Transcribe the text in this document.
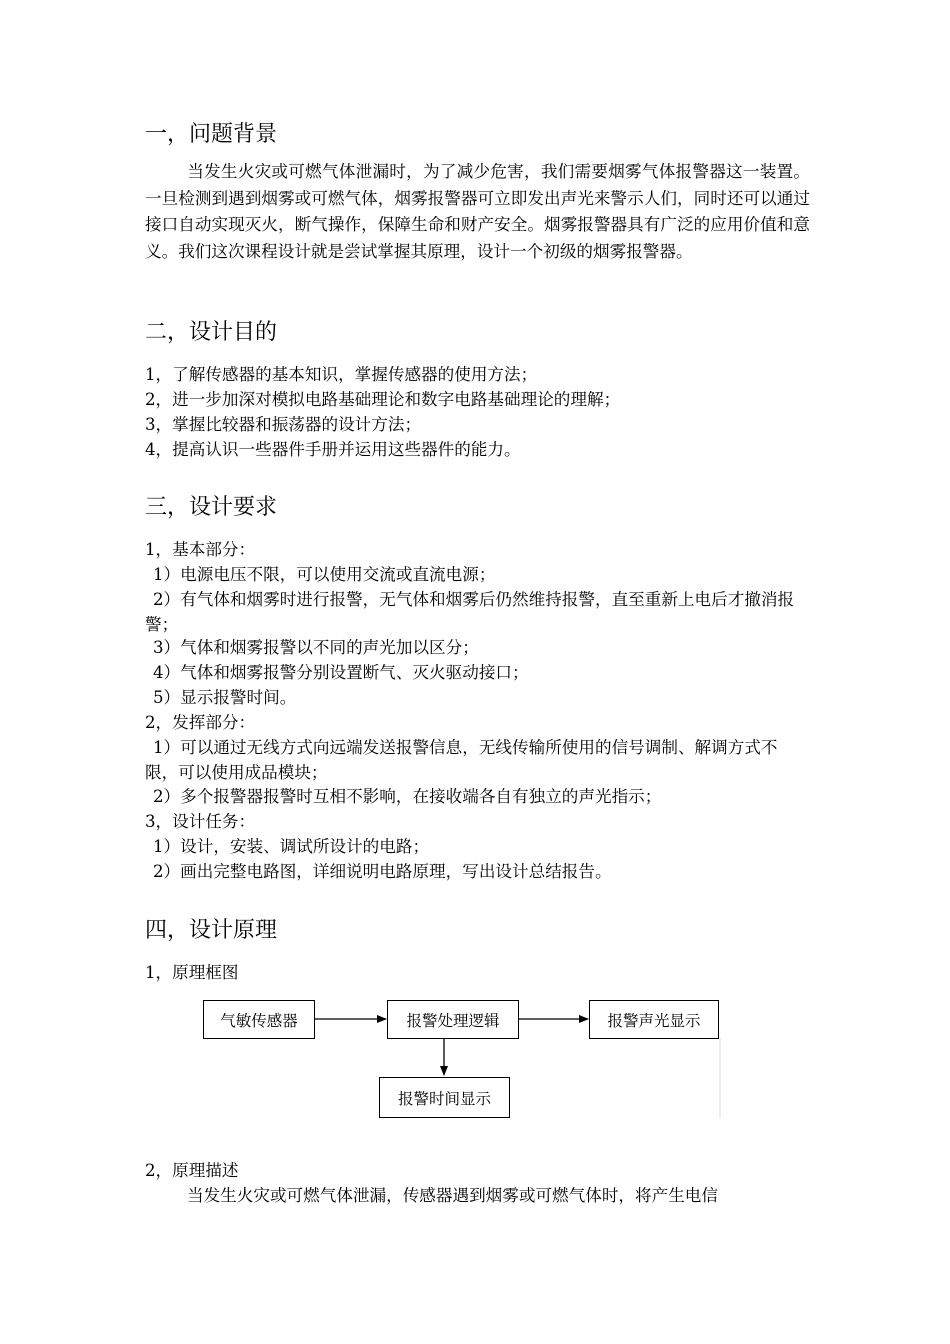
一，问题背景

当发生火灾或可燃气体泄漏时，为了减少危害，我们需要烟雾气体报警器这一装置。一旦检测到遇到烟雾或可燃气体，烟雾报警器可立即发出声光来警示人们，同时还可以通过接口自动实现灭火，断气操作，保障生命和财产安全。烟雾报警器具有广泛的应用价值和意义。我们这次课程设计就是尝试掌握其原理，设计一个初级的烟雾报警器。

二，设计目的

1，了解传感器的基本知识，掌握传感器的使用方法；

2，进一步加深对模拟电路基础理论和数字电路基础理论的理解；

3，掌握比较器和振荡器的设计方法；

4，提高认识一些器件手册并运用这些器件的能力。

三，设计要求

1，基本部分：

1）电源电压不限，可以使用交流或直流电源；

2）有气体和烟雾时进行报警，无气体和烟雾后仍然维持报警，直至重新上电后才撤消报警；

3）气体和烟雾报警以不同的声光加以区分；

4）气体和烟雾报警分别设置断气、灭火驱动接口；

5）显示报警时间。

2，发挥部分：

1）可以通过无线方式向远端发送报警信息，无线传输所使用的信号调制、解调方式不限，可以使用成品模块；

2）多个报警器报警时互相不影响，在接收端各自有独立的声光指示；

3，设计任务：

1）设计，安装、调试所设计的电路；

2）画出完整电路图，详细说明电路原理，写出设计总结报告。

四，设计原理

1，原理框图

气敏传感器	报警处理逻辑	报警声光显示
报警时间显示

2，原理描述

当发生火灾或可燃气体泄漏，传感器遇到烟雾或可燃气体时，将产生电信
